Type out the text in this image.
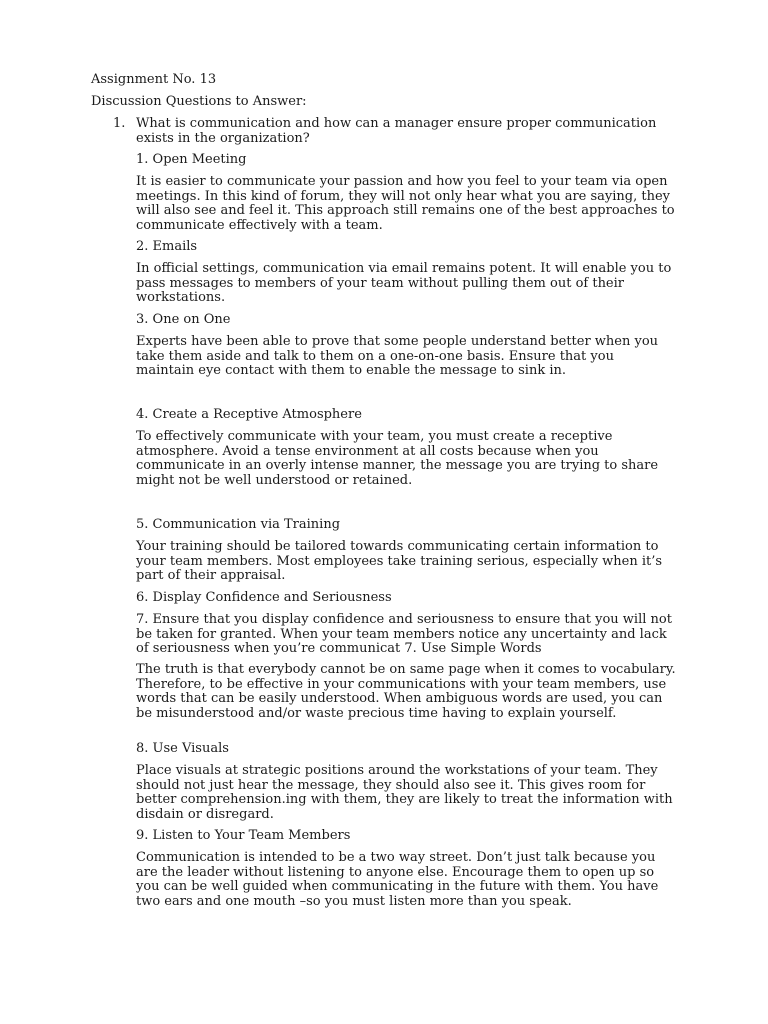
Assignment No. 13
Discussion Questions to Answer:
1. What is communication and how can a manager ensure proper communication exists in the organization?
1. Open Meeting
It is easier to communicate your passion and how you feel to your team via open meetings. In this kind of forum, they will not only hear what you are saying, they will also see and feel it. This approach still remains one of the best approaches to communicate effectively with a team.
2. Emails
In official settings, communication via email remains potent. It will enable you to pass messages to members of your team without pulling them out of their workstations.
3. One on One
Experts have been able to prove that some people understand better when you take them aside and talk to them on a one-on-one basis. Ensure that you maintain eye contact with them to enable the message to sink in.
4. Create a Receptive Atmosphere
To effectively communicate with your team, you must create a receptive atmosphere. Avoid a tense environment at all costs because when you communicate in an overly intense manner, the message you are trying to share might not be well understood or retained.
5. Communication via Training
Your training should be tailored towards communicating certain information to your team members. Most employees take training serious, especially when it’s part of their appraisal.
6. Display Confidence and Seriousness
7. Ensure that you display confidence and seriousness to ensure that you will not be taken for granted. When your team members notice any uncertainty and lack of seriousness when you’re communicat 7. Use Simple Words
The truth is that everybody cannot be on same page when it comes to vocabulary. Therefore, to be effective in your communications with your team members, use words that can be easily understood. When ambiguous words are used, you can be misunderstood and/or waste precious time having to explain yourself.
8. Use Visuals
Place visuals at strategic positions around the workstations of your team. They should not just hear the message, they should also see it. This gives room for better comprehension.ing with them, they are likely to treat the information with disdain or disregard.
9. Listen to Your Team Members
Communication is intended to be a two way street. Don’t just talk because you are the leader without listening to anyone else. Encourage them to open up so you can be well guided when communicating in the future with them. You have two ears and one mouth –so you must listen more than you speak.
